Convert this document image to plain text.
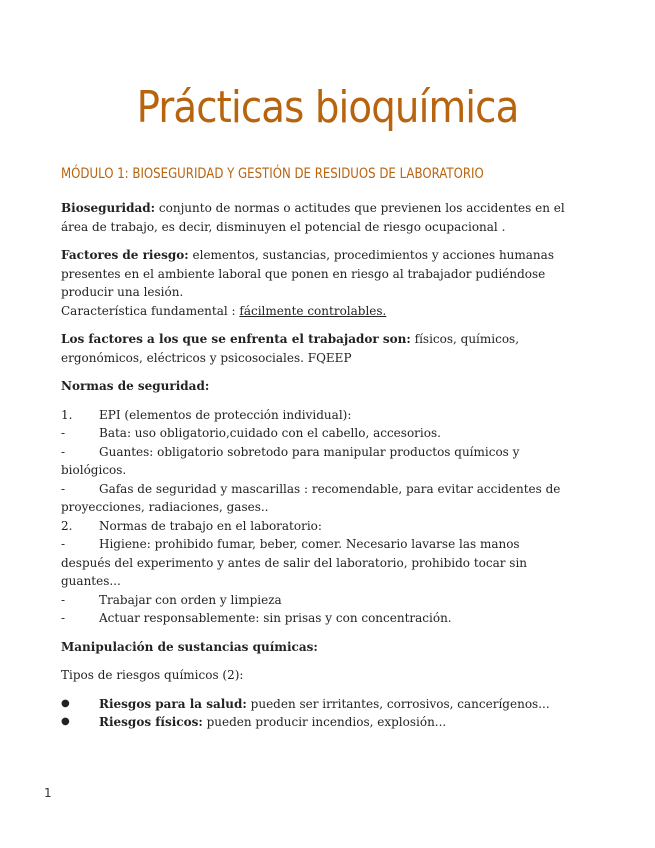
Prácticas bioquímica
MÓDULO 1: BIOSEGURIDAD Y GESTIÓN DE RESIDUOS DE LABORATORIO

Bioseguridad: conjunto de normas o actitudes que previenen los accidentes en el área de trabajo, es decir, disminuyen el potencial de riesgo ocupacional .

Factores de riesgo: elementos, sustancias, procedimientos y acciones humanas presentes en el ambiente laboral que ponen en riesgo al trabajador pudiéndose producir una lesión.
Característica fundamental : fácilmente controlables.

Los factores a los que se enfrenta el trabajador son: físicos, químicos, ergonómicos, eléctricos y psicosociales. FQEEP

Normas de seguridad:

1. EPI (elementos de protección individual):
-	Bata: uso obligatorio,cuidado con el cabello, accesorios.
-	Guantes: obligatorio sobretodo para manipular productos químicos y biológicos.
-	Gafas de seguridad y mascarillas : recomendable, para evitar accidentes de proyecciones, radiaciones, gases..
2. Normas de trabajo en el laboratorio:
-	Higiene: prohibido fumar, beber, comer. Necesario lavarse las manos después del experimento y antes de salir del laboratorio, prohibido tocar sin guantes...
-	Trabajar con orden y limpieza
-	Actuar responsablemente: sin prisas y con concentración.

Manipulación de sustancias químicas:

Tipos de riesgos químicos (2):

● Riesgos para la salud: pueden ser irritantes, corrosivos, cancerígenos...
● Riesgos físicos: pueden producir incendios, explosión...
1
